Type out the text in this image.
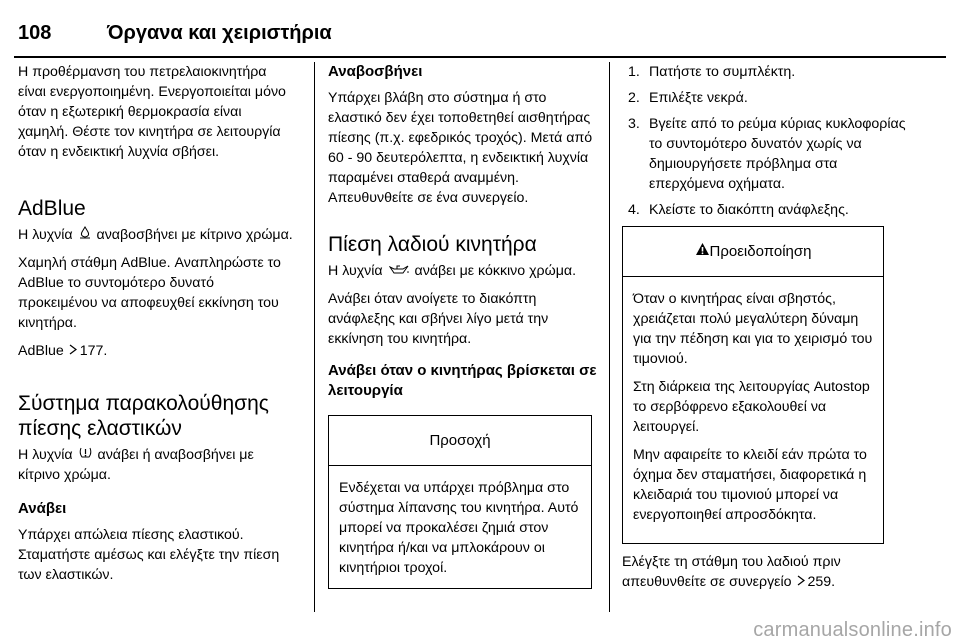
108	Όργανα και χειριστήρια

Η προθέρμανση του πετρελαιοκινητήρα είναι ενεργοποιημένη. Ενεργοποιείται μόνο όταν η εξωτερική θερμοκρασία είναι χαμηλή. Θέστε τον κινητήρα σε λειτουργία όταν η ενδεικτική λυχνία σβήσει.

AdBlue

Η λυχνία αναβοσβήνει με κίτρινο χρώμα.

Χαμηλή στάθμη AdBlue. Αναπληρώστε το AdBlue το συντομότερο δυνατό προκειμένου να αποφευχθεί εκκίνηση του κινητήρα.

AdBlue 177.

Σύστημα παρακολούθησης πίεσης ελαστικών

Η λυχνία ανάβει ή αναβοσβήνει με κίτρινο χρώμα.

Ανάβει

Υπάρχει απώλεια πίεσης ελαστικού. Σταματήστε αμέσως και ελέγξτε την πίεση των ελαστικών.

Αναβοσβήνει

Υπάρχει βλάβη στο σύστημα ή στο ελαστικό δεν έχει τοποθετηθεί αισθητήρας πίεσης (π.χ. εφεδρικός τροχός). Μετά από 60 - 90 δευτερόλεπτα, η ενδεικτική λυχνία παραμένει σταθερά αναμμένη. Απευθυνθείτε σε ένα συνεργείο.

Πίεση λαδιού κινητήρα

Η λυχνία ανάβει με κόκκινο χρώμα.

Ανάβει όταν ανοίγετε το διακόπτη ανάφλεξης και σβήνει λίγο μετά την εκκίνηση του κινητήρα.

Ανάβει όταν ο κινητήρας βρίσκεται σε λειτουργία
Προσοχή

Ενδέχεται να υπάρχει πρόβλημα στο σύστημα λίπανσης του κινητήρα. Αυτό μπορεί να προκαλέσει ζημιά στον κινητήρα ή/και να μπλοκάρουν οι κινητήριοι τροχοί.

1. Πατήστε το συμπλέκτη.
2. Επιλέξτε νεκρά.
3. Βγείτε από το ρεύμα κύριας κυκλοφορίας το συντομότερο δυνατόν χωρίς να δημιουργήσετε πρόβλημα στα επερχόμενα οχήματα.
4. Κλείστε το διακόπτη ανάφλεξης.
Προειδοποίηση

Όταν ο κινητήρας είναι σβηστός, χρειάζεται πολύ μεγαλύτερη δύναμη για την πέδηση και για το χειρισμό του τιμονιού.

Στη διάρκεια της λειτουργίας Autostop το σερβόφρενο εξακολουθεί να λειτουργεί.

Μην αφαιρείτε το κλειδί εάν πρώτα το όχημα δεν σταματήσει, διαφορετικά η κλειδαριά του τιμονιού μπορεί να ενεργοποιηθεί απροσδόκητα.

Ελέγξτε τη στάθμη του λαδιού πριν απευθυνθείτε σε συνεργείο 259.

carmanualsonline.info
